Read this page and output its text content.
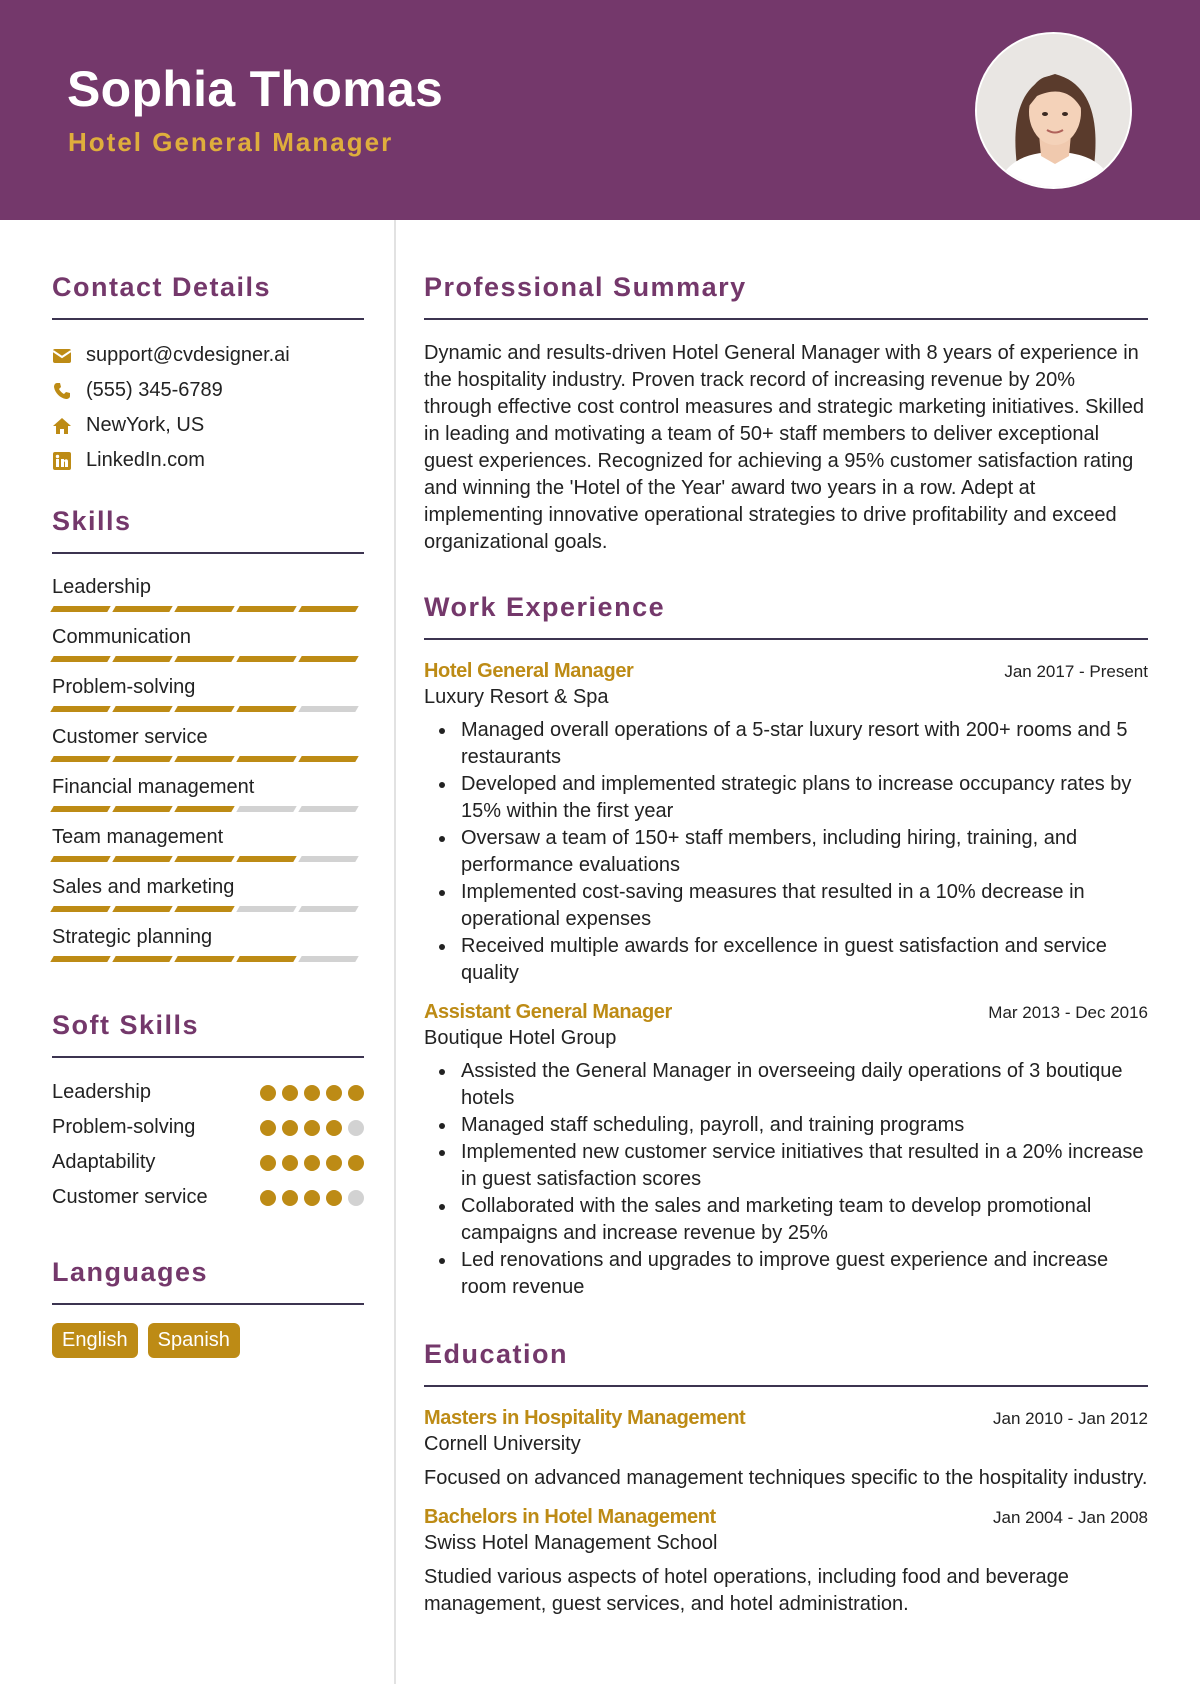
Sophia Thomas
Hotel General Manager
Contact Details
support@cvdesigner.ai
(555) 345-6789
NewYork, US
LinkedIn.com
Skills
Leadership
Communication
Problem-solving
Customer service
Financial management
Team management
Sales and marketing
Strategic planning
Soft Skills
Leadership
Problem-solving
Adaptability
Customer service
Languages
English	Spanish
Professional Summary
Dynamic and results-driven Hotel General Manager with 8 years of experience in the hospitality industry. Proven track record of increasing revenue by 20% through effective cost control measures and strategic marketing initiatives. Skilled in leading and motivating a team of 50+ staff members to deliver exceptional guest experiences. Recognized for achieving a 95% customer satisfaction rating and winning the 'Hotel of the Year' award two years in a row. Adept at implementing innovative operational strategies to drive profitability and exceed organizational goals.
Work Experience
Hotel General Manager	Jan 2017 - Present
Luxury Resort & Spa
Managed overall operations of a 5-star luxury resort with 200+ rooms and 5 restaurants
Developed and implemented strategic plans to increase occupancy rates by 15% within the first year
Oversaw a team of 150+ staff members, including hiring, training, and performance evaluations
Implemented cost-saving measures that resulted in a 10% decrease in operational expenses
Received multiple awards for excellence in guest satisfaction and service quality
Assistant General Manager	Mar 2013 - Dec 2016
Boutique Hotel Group
Assisted the General Manager in overseeing daily operations of 3 boutique hotels
Managed staff scheduling, payroll, and training programs
Implemented new customer service initiatives that resulted in a 20% increase in guest satisfaction scores
Collaborated with the sales and marketing team to develop promotional campaigns and increase revenue by 25%
Led renovations and upgrades to improve guest experience and increase room revenue
Education
Masters in Hospitality Management	Jan 2010 - Jan 2012
Cornell University
Focused on advanced management techniques specific to the hospitality industry.
Bachelors in Hotel Management	Jan 2004 - Jan 2008
Swiss Hotel Management School
Studied various aspects of hotel operations, including food and beverage management, guest services, and hotel administration.
